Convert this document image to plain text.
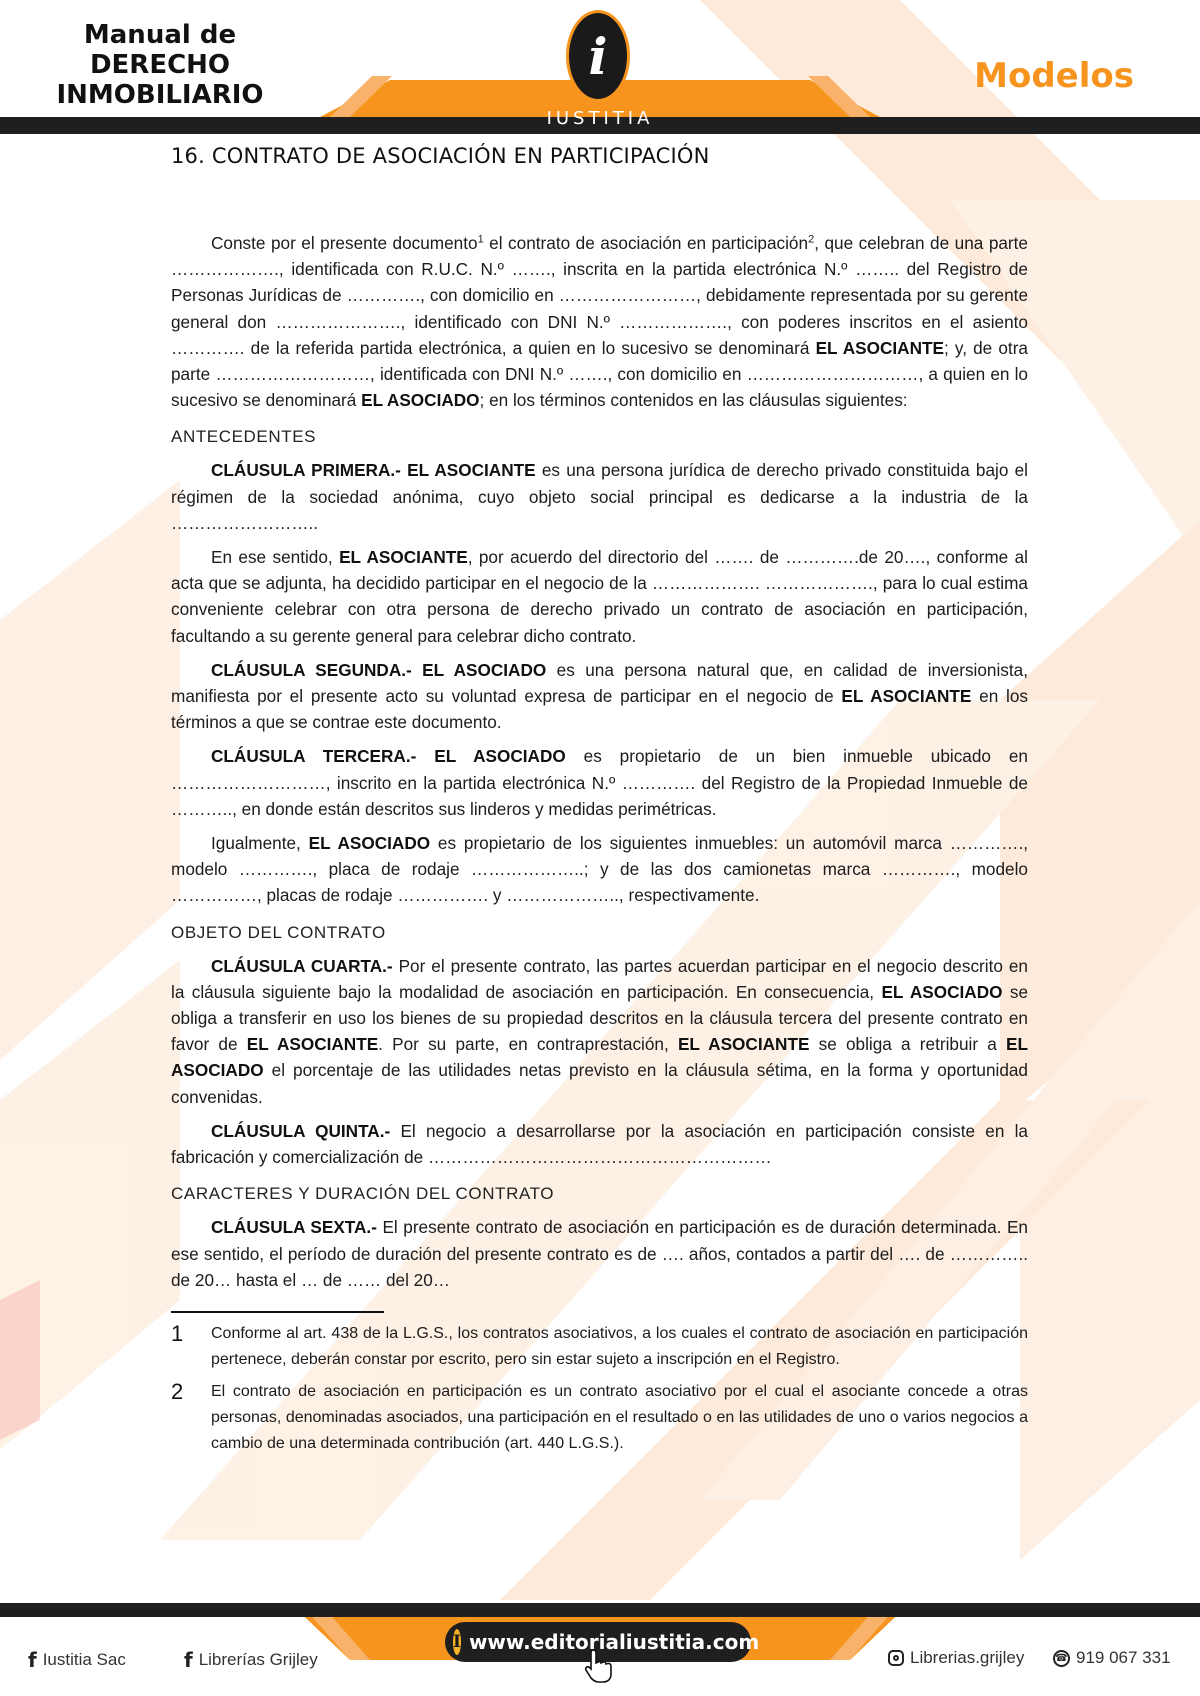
Manual de
DERECHO
INMOBILIARIO
i
IUSTITIA
Modelos
16. CONTRATO DE ASOCIACIÓN EN PARTICIPACIÓN

Conste por el presente documento$^1$ el contrato de asociación en participación$^2$, que celebran de una parte ………………., identificada con R.U.C. N.º ……., inscrita en la partida electrónica N.º …….. del Registro de Personas Jurídicas de …………., con domicilio en ……………………, debidamente representada por su gerente general don …………………., identificado con DNI N.º ………………., con poderes inscritos en el asiento …………. de la referida partida electrónica, a quien en lo sucesivo se denominará EL ASOCIANTE; y, de otra parte ………………………, identificada con DNI N.º ……., con domicilio en …………………………, a quien en lo sucesivo se denominará EL ASOCIADO; en los términos contenidos en las cláusulas siguientes:

ANTECEDENTES

CLÁUSULA PRIMERA.- EL ASOCIANTE es una persona jurídica de derecho privado constituida bajo el régimen de la sociedad anónima, cuyo objeto social principal es dedicarse a la industria de la ……………………..

En ese sentido, EL ASOCIANTE, por acuerdo del directorio del ……. de ………….de 20…., conforme al acta que se adjunta, ha decidido participar en el negocio de la ………………. ………………., para lo cual estima conveniente celebrar con otra persona de derecho privado un contrato de asociación en participación, facultando a su gerente general para celebrar dicho contrato.

CLÁUSULA SEGUNDA.- EL ASOCIADO es una persona natural que, en calidad de inversionista, manifiesta por el presente acto su voluntad expresa de participar en el negocio de EL ASOCIANTE en los términos a que se contrae este documento.

CLÁUSULA TERCERA.- EL ASOCIADO es propietario de un bien inmueble ubicado en ………………………, inscrito en la partida electrónica N.º …………. del Registro de la Propiedad Inmueble de ……….., en donde están descritos sus linderos y medidas perimétricas.

Igualmente, EL ASOCIADO es propietario de los siguientes inmuebles: un automóvil marca …………., modelo …………., placa de rodaje ………………..; y de las dos camionetas marca …………., modelo ……………, placas de rodaje ……………. y ……………….., respectivamente.

OBJETO DEL CONTRATO

CLÁUSULA CUARTA.- Por el presente contrato, las partes acuerdan participar en el negocio descrito en la cláusula siguiente bajo la modalidad de asociación en participación. En consecuencia, EL ASOCIADO se obliga a transferir en uso los bienes de su propiedad descritos en la cláusula tercera del presente contrato en favor de EL ASOCIANTE. Por su parte, en contraprestación, EL ASOCIANTE se obliga a retribuir a EL ASOCIADO el porcentaje de las utilidades netas previsto en la cláusula sétima, en la forma y oportunidad convenidas.

CLÁUSULA QUINTA.- El negocio a desarrollarse por la asociación en participación consiste en la fabricación y comercialización de ……………………………………………………

CARACTERES Y DURACIÓN DEL CONTRATO

CLÁUSULA SEXTA.- El presente contrato de asociación en participación es de duración determinada. En ese sentido, el período de duración del presente contrato es de …. años, contados a partir del …. de ………….. de 20… hasta el … de …… del 20…

1	Conforme al art. 438 de la L.G.S., los contratos asociativos, a los cuales el contrato de asociación en participación pertenece, deberán constar por escrito, pero sin estar sujeto a inscripción en el Registro.
2	El contrato de asociación en participación es un contrato asociativo por el cual el asociante concede a otras personas, denominadas asociados, una participación en el resultado o en las utilidades de uno o varios negocios a cambio de una determinada contribución (art. 440 L.G.S.).
f Iustitia Sac	f Librerías Grijley
I www.editorialiustitia.com
Librerias.grijley	☎ 919 067 331
